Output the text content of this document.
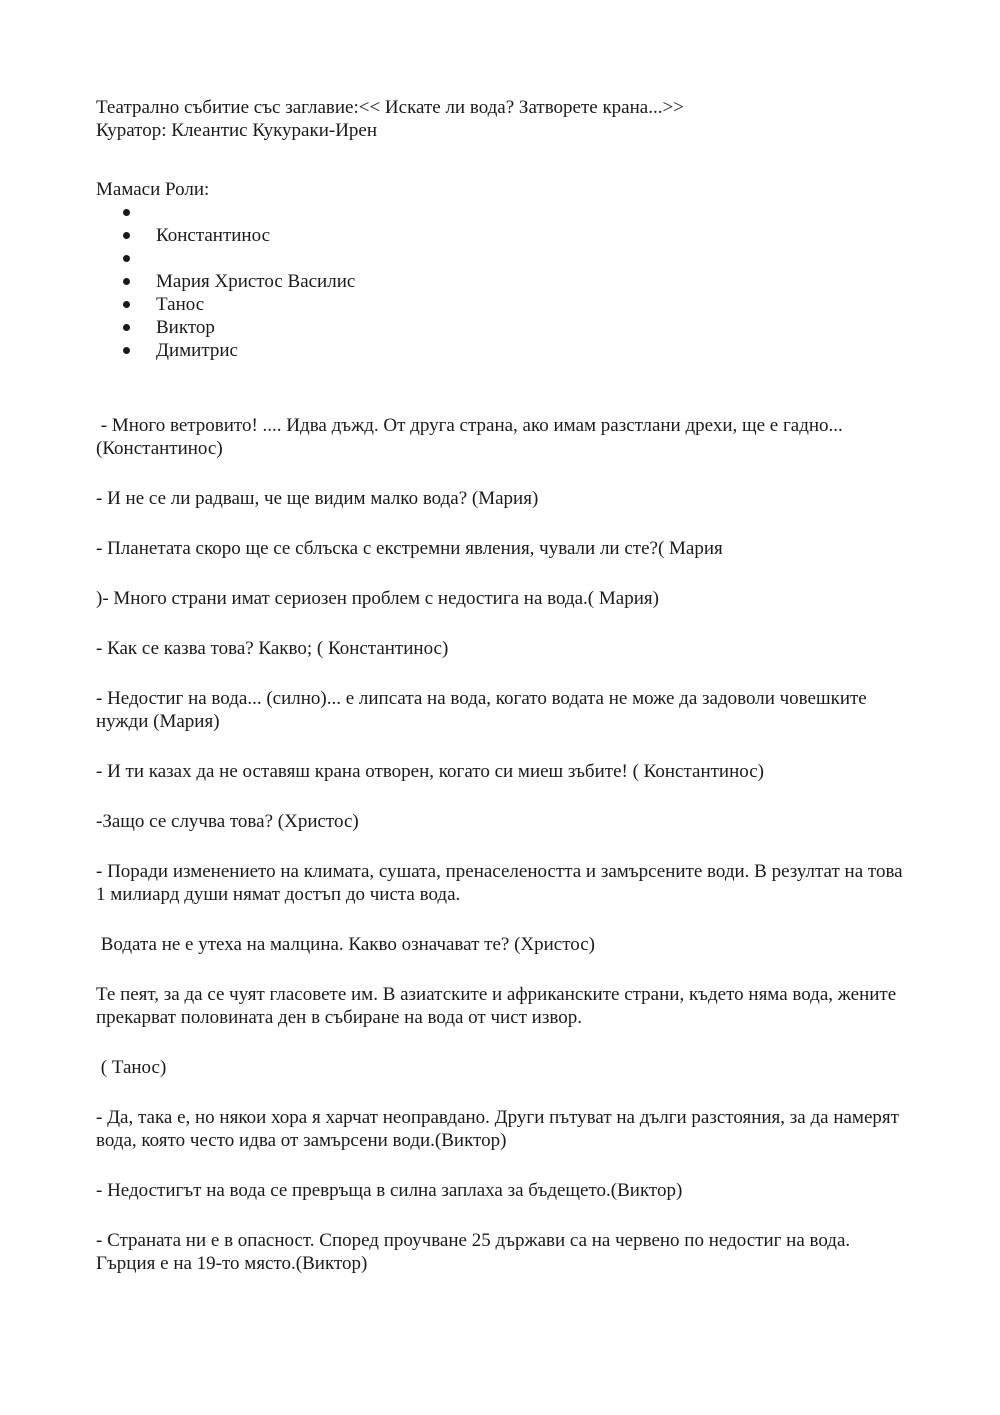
Театрално събитие със заглавие:<< Искате ли вода? Затворете крана...>>

Куратор: Клеантис Кукураки-Ирен

Мамаси Роли:

Константинос
Мария Христос Василис
Танос
Виктор
Димитрис

- Много ветровито! .... Идва дъжд. От друга страна, ако имам разстлани дрехи, ще е гадно... (Константинос)

- И не се ли радваш, че ще видим малко вода? (Мария)

- Планетата скоро ще се сблъска с екстремни явления, чували ли сте?( Мария

)- Много страни имат сериозен проблем с недостига на вода.( Мария)

- Как се казва това? Какво; ( Константинос)

- Недостиг на вода... (силно)... е липсата на вода, когато водата не може да задоволи човешките нужди (Мария)

- И ти казах да не оставяш крана отворен, когато си миеш зъбите! ( Константинос)

-Защо се случва това? (Христос)

- Поради изменението на климата, сушата, пренаселеността и замърсените води. В резултат на това 1 милиард души нямат достъп до чиста вода.

Водата не е утеха на малцина. Какво означават те? (Христос)

Те пеят, за да се чуят гласовете им. В азиатските и африканските страни, където няма вода, жените прекарват половината ден в събиране на вода от чист извор.

( Танос)

- Да, така е, но някои хора я харчат неоправдано. Други пътуват на дълги разстояния, за да намерят вода, която често идва от замърсени води.(Виктор)

- Недостигът на вода се превръща в силна заплаха за бъдещето.(Виктор)

- Страната ни е в опасност. Според проучване 25 държави са на червено по недостиг на вода. Гърция е на 19-то място.(Виктор)
